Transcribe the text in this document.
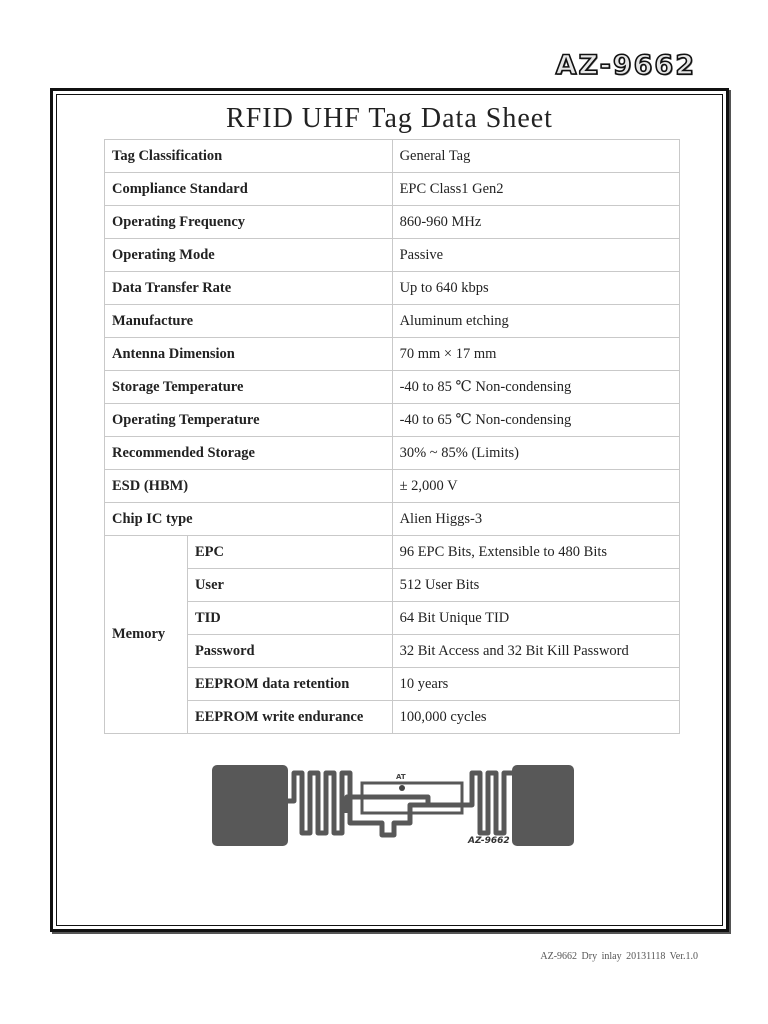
AZ-9662
RFID UHF Tag Data Sheet
Tag Classification		General Tag
Compliance Standard		EPC Class1 Gen2
Operating Frequency		860-960 MHz
Operating Mode		Passive
Data Transfer Rate		Up to 640 kbps
Manufacture		Aluminum etching
Antenna Dimension		70 mm × 17 mm
Storage Temperature		-40 to 85 ℃ Non-condensing
Operating Temperature		-40 to 65 ℃ Non-condensing
Recommended Storage		30% ~ 85% (Limits)
ESD (HBM)		± 2,000 V
Chip IC type		Alien Higgs-3
Memory	EPC	96 EPC Bits, Extensible to 480 Bits
	User	512 User Bits
	TID	64 Bit Unique TID
	Password	32 Bit Access and 32 Bit Kill Password
	EEPROM data retention	10 years
	EEPROM write endurance	100,000 cycles
AT
AZ-9662
AZ-9662 Dry inlay 20131118 Ver.1.0
